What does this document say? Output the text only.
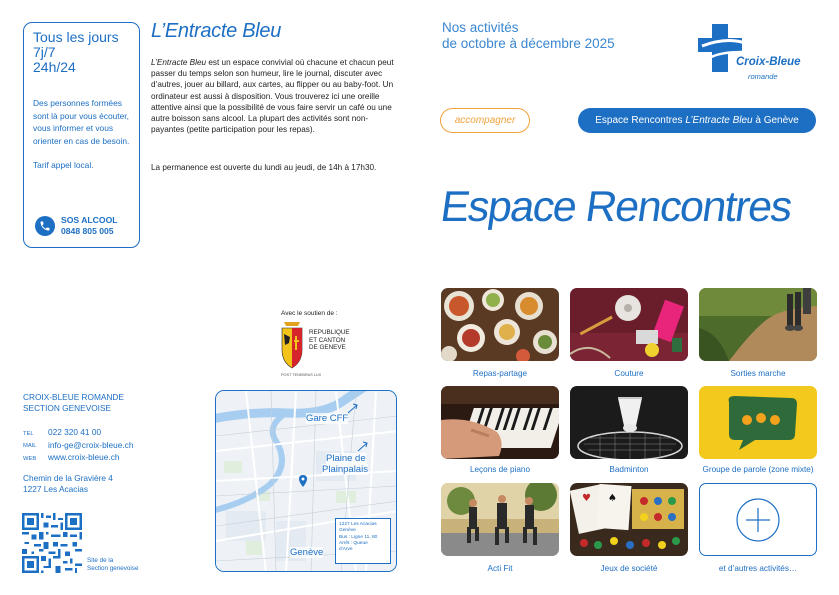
Tous les jours
7j/7
24h/24
Des personnes formées sont là pour vous écouter, vous informer et vous orienter en cas de besoin.
Tarif appel local.
SOS ALCOOL
0848 805 005
L’Entracte Bleu
L’Entracte Bleu est un espace convivial où chacune et chacun peut passer du temps selon son humeur, lire le journal, discuter avec d’autres, jouer au billard, aux cartes, au flipper ou au baby-foot. Un ordinateur est aussi à disposition. Vous trouverez ici une oreille attentive ainsi que la possibilité de vous faire servir un café ou une autre boisson sans alcool. La plupart des activités sont non-payantes (petite participation pour les repas).
La permanence est ouverte du lundi au jeudi, de 14h à 17h30.
Nos activités
de octobre à décembre 2025
Croix-Bleue
romande
accompagner	Espace Rencontres
L’Entracte Bleu
à Genève
Espace Rencontres
Avec le soutien de :
REPUBLIQUE
ET CANTON
DE GENEVE
POST TENEBRAS LUX
CROIX-BLEUE ROMANDE
SECTION GENEVOISE
TEL	022 320 41 00
MAIL	info-ge@croix-bleue.ch
WEB	www.croix-bleue.ch
Chemin de la Gravière 4
1227 Les Acacias
Site de la
Section genevoise
Gare CFF
Plaine de
Plainpalais
Genève
1227 Les Acacias
Genève
Bus : Ligne 11, 80
Arrêt : Queue
d’Arve
Repas-partage	Couture	Sorties marche
Leçons de piano	Badminton	Groupe de parole (zone mixte)
Acti Fit
♥ ♠
Jeux de société	et d’autres activités…
